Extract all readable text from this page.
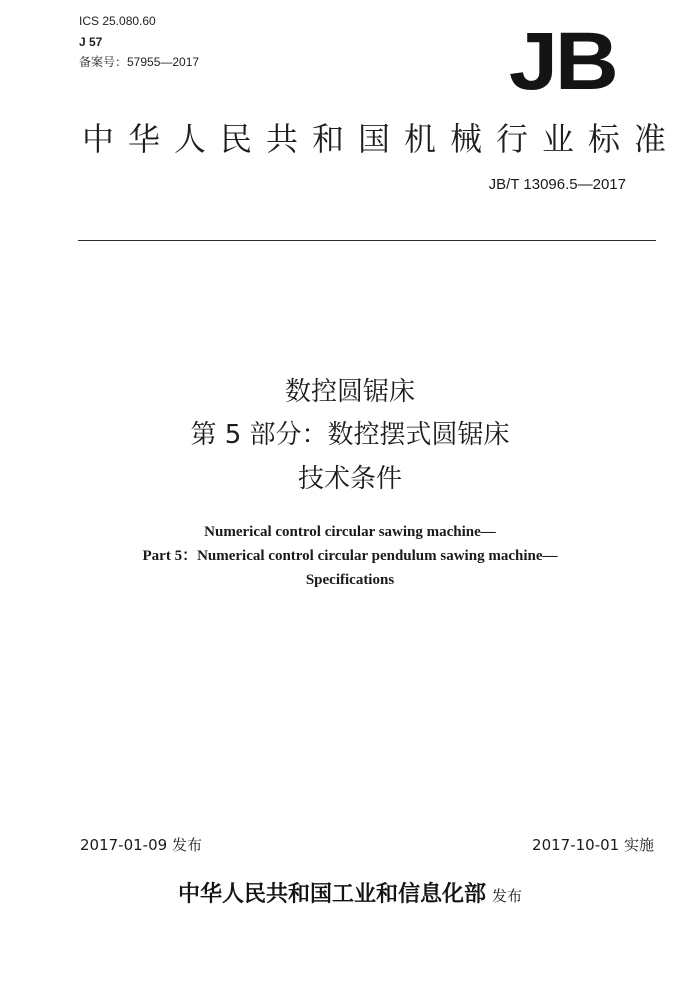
ICS 25.080.60
J 57
备案号：57955—2017	JB
中华人民共和国机械行业标准
JB/T 13096.5—2017
数控圆锯床
第 5 部分：数控摆式圆锯床
技术条件
Numerical control circular sawing machine—
Part 5：Numerical control circular pendulum sawing machine—
Specifications
2017-01-09 发布	2017-10-01 实施
中华人民共和国工业和信息化部 发布
